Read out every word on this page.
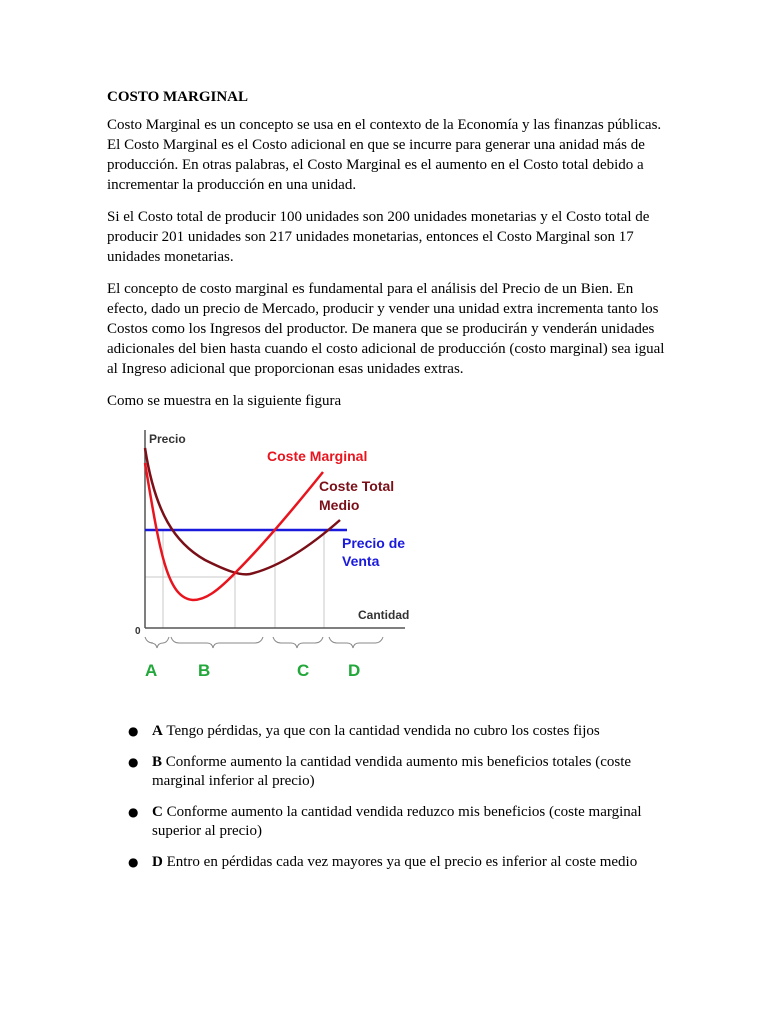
COSTO MARGINAL

Costo Marginal es un concepto se usa en el contexto de la Economía y las finanzas públicas. El Costo Marginal es el Costo adicional en que se incurre para generar una anidad más de producción. En otras palabras, el Costo Marginal es el aumento en el Costo total debido a incrementar la producción en una unidad.

Si el Costo total de producir 100 unidades son 200 unidades monetarias y el Costo total de producir 201 unidades son 217 unidades monetarias, entonces el Costo Marginal son 17 unidades monetarias.

El concepto de costo marginal es fundamental para el análisis del Precio de un Bien. En efecto, dado un precio de Mercado, producir y vender una unidad extra incrementa tanto los Costos como los Ingresos del productor. De manera que se producirán y venderán unidades adicionales del bien hasta cuando el costo adicional de producción (costo marginal) sea igual al Ingreso adicional que proporcionan esas unidades extras.

Como se muestra en la siguiente figura

Precio
0
Cantidad
Coste Marginal
Coste Total
Medio
Precio de
Venta
A B	C D
● A Tengo pérdidas, ya que con la cantidad vendida no cubro los costes fijos
● B Conforme aumento la cantidad vendida aumento mis beneficios totales (coste marginal inferior al precio)
● C Conforme aumento la cantidad vendida reduzco mis beneficios (coste marginal superior al precio)
● D Entro en pérdidas cada vez mayores ya que el precio es inferior al coste medio
